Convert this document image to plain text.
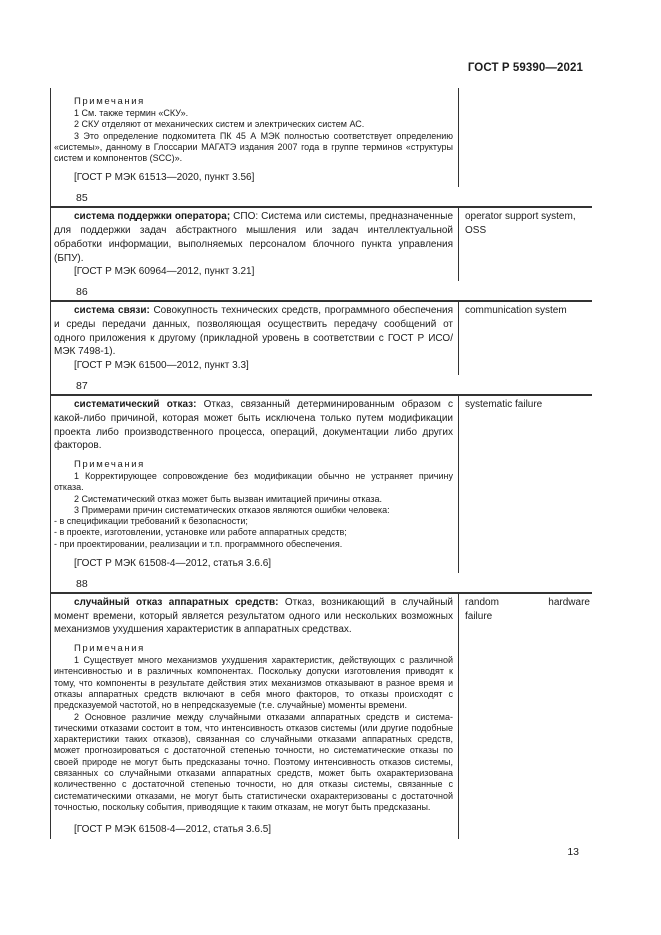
ГОСТ Р 59390—2021
Примечания
1 См. также термин «СКУ».
2 СКУ отделяют от механических систем и электрических систем АС.
3 Это определение подкомитета ПК 45 А МЭК полностью соответствует определению «системы», данному в Глоссарии МАГАТЭ издания 2007 года в группе терминов «структуры систем и компонентов (SCC)».
[ГОСТ Р МЭК 61513—2020, пункт 3.56]
85
система поддержки оператора; СПО: Система или системы, предназначенные для поддержки задач абстрактного мышления или задач интеллектуальной обработки информации, выполняемых персоналом блочного пункта управления (БПУ).
[ГОСТ Р МЭК 60964—2012, пункт 3.21]
operator support system, OSS
86
система связи: Совокупность технических средств, программного обеспечения и среды передачи данных, позволяющая осуществить передачу сообщений от одного приложения к другому (прикладной уровень в соответствии с ГОСТ Р ИСО/МЭК 7498-1).
[ГОСТ Р МЭК 61500—2012, пункт 3.3]
communication system
87
систематический отказ: Отказ, связанный детерминированным образом с какой-либо причиной, которая может быть исключена только путем модификации проекта либо производственного процесса, операций, документации либо других факторов.
Примечания
1 Корректирующее сопровождение без модификации обычно не устраняет причину отказа.
2 Систематический отказ может быть вызван имитацией причины отказа.
3 Примерами причин систематических отказов являются ошибки человека:
- в спецификации требований к безопасности;
- в проекте, изготовлении, установке или работе аппаратных средств;
- при проектировании, реализации и т.п. программного обеспечения.
[ГОСТ Р МЭК 61508-4—2012, статья 3.6.6]
systematic failure
88
случайный отказ аппаратных средств: Отказ, возникающий в случайный момент времени, который является результатом одного или нескольких возможных механизмов ухудшения характеристик в аппаратных средствах.
Примечания
1 Существует много механизмов ухудшения характеристик, действующих с различной интенсивностью и в различных компонентах. Поскольку допуски изготовления приводят к тому, что компоненты в результате действия этих механизмов отказывают в разное время и отказы аппаратных средств включают в себя много факторов, то отказы происходят с предсказуемой частотой, но в непредсказуемые (т.е. случайные) моменты времени.
2 Основное различие между случайными отказами аппаратных средств и систематическими отказами состоит в том, что интенсивность отказов системы (или другие подобные характеристики таких отказов), связанная со случайными отказами аппаратных средств, может прогнозироваться с достаточной степенью точности, но систематические отказы по своей природе не могут быть предсказаны точно. Поэтому интенсивность отказов системы, связанных со случайными отказами аппаратных средств, может быть охарактеризована количественно с достаточной степенью точности, но для отказы системы, связанные с систематическими отказами, не могут быть статистически охарактеризованы с достаточной точностью, поскольку события, приводящие к таким отказам, не могут быть предсказаны.
[ГОСТ Р МЭК 61508-4—2012, статья 3.6.5]
random	hardware
failure
13
